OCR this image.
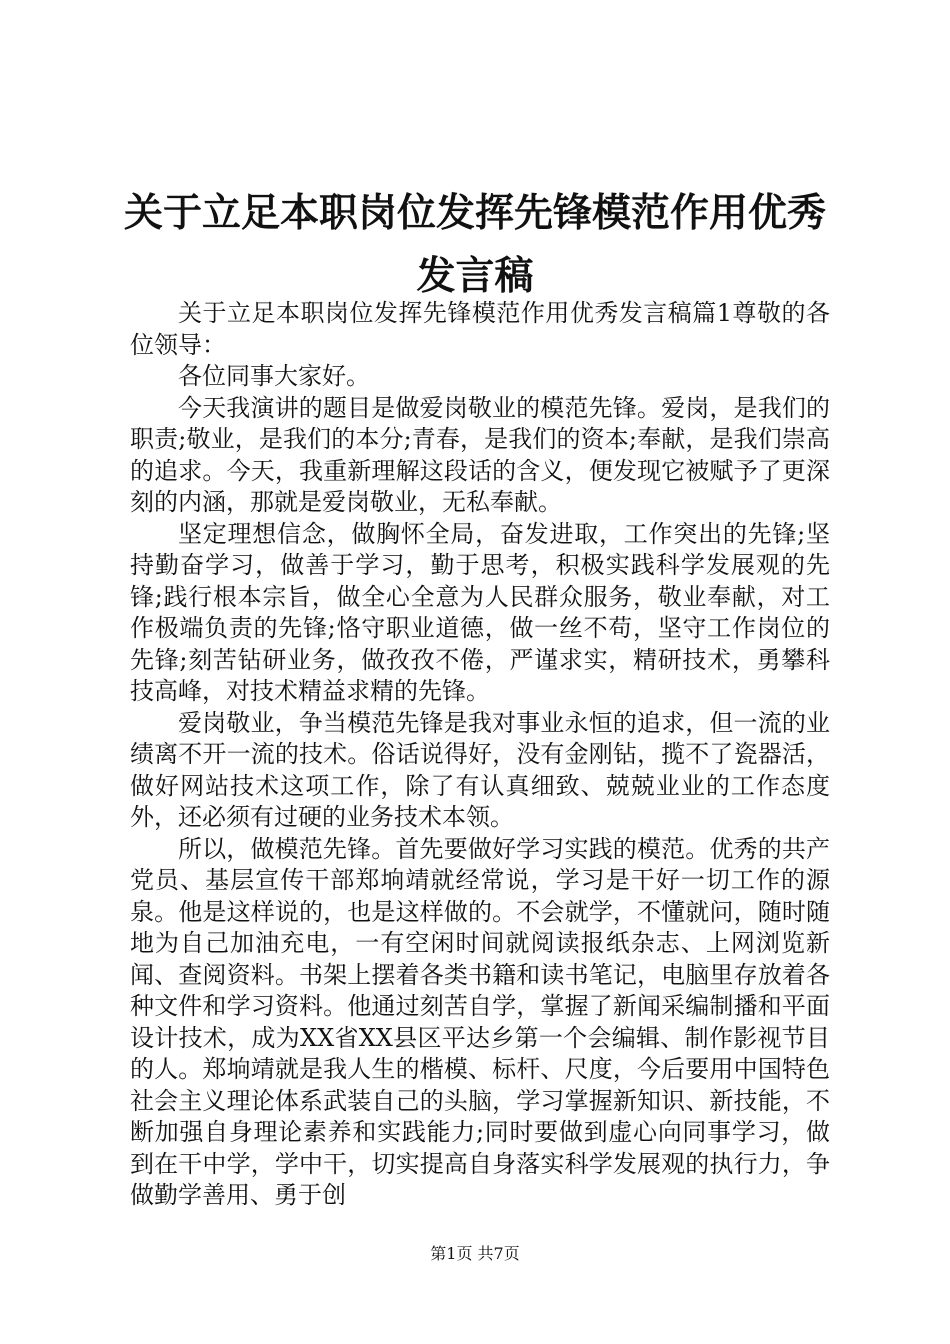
关于立足本职岗位发挥先锋模范作用优秀发言稿

关于立足本职岗位发挥先锋模范作用优秀发言稿篇1尊敬的各位领导：

各位同事大家好。

今天我演讲的题目是做爱岗敬业的模范先锋。爱岗，是我们的职责;敬业，是我们的本分;青春，是我们的资本;奉献，是我们崇高的追求。今天，我重新理解这段话的含义，便发现它被赋予了更深刻的内涵，那就是爱岗敬业，无私奉献。

坚定理想信念，做胸怀全局，奋发进取，工作突出的先锋;坚持勤奋学习，做善于学习，勤于思考，积极实践科学发展观的先锋;践行根本宗旨，做全心全意为人民群众服务，敬业奉献，对工作极端负责的先锋;恪守职业道德，做一丝不苟，坚守工作岗位的先锋;刻苦钻研业务，做孜孜不倦，严谨求实，精研技术，勇攀科技高峰，对技术精益求精的先锋。

爱岗敬业，争当模范先锋是我对事业永恒的追求，但一流的业绩离不开一流的技术。俗话说得好，没有金刚钻，揽不了瓷器活，做好网站技术这项工作，除了有认真细致、兢兢业业的工作态度外，还必须有过硬的业务技术本领。

所以，做模范先锋。首先要做好学习实践的模范。优秀的共产党员、基层宣传干部郑垧靖就经常说，学习是干好一切工作的源泉。他是这样说的，也是这样做的。不会就学，不懂就问，随时随地为自己加油充电，一有空闲时间就阅读报纸杂志、上网浏览新闻、查阅资料。书架上摆着各类书籍和读书笔记，电脑里存放着各种文件和学习资料。他通过刻苦自学，掌握了新闻采编制播和平面设计技术，成为XX省XX县区平达乡第一个会编辑、制作影视节目的人。郑垧靖就是我人生的楷模、标杆、尺度，今后要用中国特色社会主义理论体系武装自己的头脑，学习掌握新知识、新技能，不断加强自身理论素养和实践能力;同时要做到虚心向同事学习，做到在干中学，学中干，切实提高自身落实科学发展观的执行力，争做勤学善用、勇于创

第1页 共7页
